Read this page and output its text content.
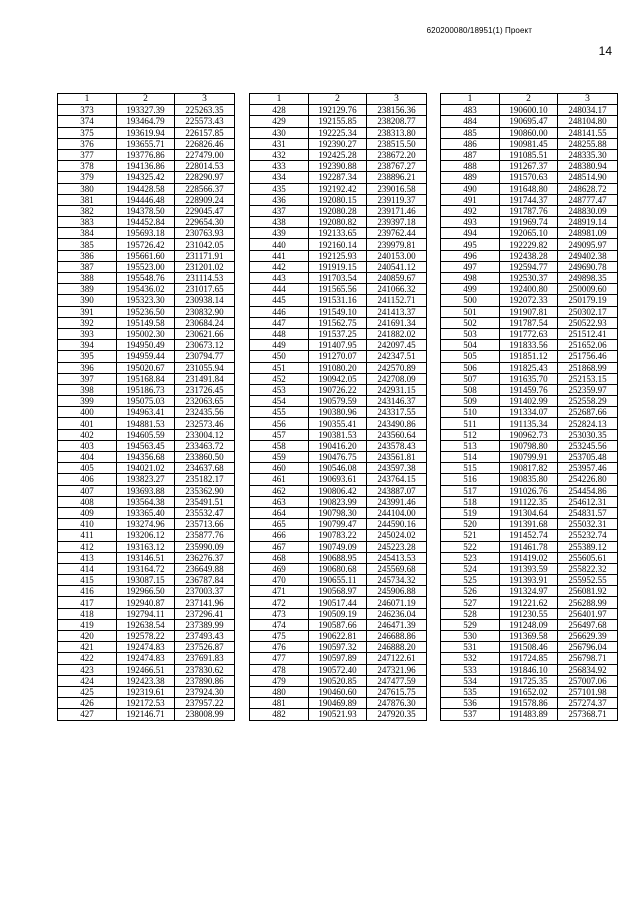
620200080/18951(1) Проект
14
1	2	3
373	193327.39	225263.35
374	193464.79	225573.43
375	193619.94	226157.85
376	193655.71	226826.46
377	193776.86	227479.00
378	194136.86	228014.53
379	194325.42	228290.97
380	194428.58	228566.37
381	194446.48	228909.24
382	194378.50	229045.47
383	194452.84	229654.30
384	195693.18	230763.93
385	195726.42	231042.05
386	195661.60	231171.91
387	195523.00	231201.02
388	195548.76	231114.53
389	195436.02	231017.65
390	195323.30	230938.14
391	195236.50	230832.90
392	195149.58	230684.24
393	195002.30	230621.66
394	194950.49	230673.12
395	194959.44	230794.77
396	195020.67	231055.94
397	195168.84	231491.84
398	195186.73	231726.45
399	195075.03	232063.65
400	194963.41	232435.56
401	194881.53	232573.46
402	194605.59	233004.12
403	194563.45	233463.72
404	194356.68	233860.50
405	194021.02	234637.68
406	193823.27	235182.17
407	193693.88	235362.90
408	193564.38	235491.51
409	193365.40	235532.47
410	193274.96	235713.66
411	193206.12	235877.76
412	193163.12	235990.09
413	193146.51	236276.37
414	193164.72	236649.88
415	193087.15	236787.84
416	192966.50	237003.37
417	192940.87	237141.96
418	192794.11	237296.41
419	192638.54	237389.99
420	192578.22	237493.43
421	192474.83	237526.87
422	192474.83	237691.83
423	192466.51	237830.62
424	192423.38	237890.86
425	192319.61	237924.30
426	192172.53	237957.22
427	192146.71	238008.99
1	2	3
428	192129.76	238156.36
429	192155.85	238208.77
430	192225.34	238313.80
431	192390.27	238515.50
432	192425.28	238672.20
433	192390.88	238767.27
434	192287.34	238896.21
435	192192.42	239016.58
436	192080.15	239119.37
437	192080.28	239171.46
438	192080.82	239397.18
439	192133.65	239762.44
440	192160.14	239979.81
441	192125.93	240153.00
442	191919.15	240541.12
443	191703.54	240859.67
444	191565.56	241066.32
445	191531.16	241152.71
446	191549.10	241413.37
447	191562.75	241691.34
448	191537.25	241882.02
449	191407.95	242097.45
450	191270.07	242347.51
451	191080.20	242570.89
452	190942.05	242708.09
453	190726.22	242931.15
454	190579.59	243146.37
455	190380.96	243317.55
456	190355.41	243490.86
457	190381.53	243560.64
458	190416.20	243578.43
459	190476.75	243561.81
460	190546.08	243597.38
461	190693.61	243764.15
462	190806.42	243887.07
463	190823.99	243991.46
464	190798.30	244104.00
465	190799.47	244590.16
466	190783.22	245024.02
467	190749.09	245223.28
468	190688.95	245413.53
469	190680.68	245569.68
470	190655.11	245734.32
471	190568.97	245906.88
472	190517.44	246071.19
473	190509.19	246236.04
474	190587.66	246471.39
475	190622.81	246688.86
476	190597.32	246888.20
477	190597.89	247122.61
478	190572.40	247321.96
479	190520.85	247477.59
480	190460.60	247615.75
481	190469.89	247876.30
482	190521.93	247920.35
1	2	3
483	190600.10	248034.17
484	190695.47	248104.80
485	190860.00	248141.55
486	190981.45	248255.88
487	191085.51	248335.30
488	191267.37	248380.94
489	191570.63	248514.90
490	191648.80	248628.72
491	191744.37	248777.47
492	191787.76	248830.09
493	191969.74	248919.14
494	192065.10	248981.09
495	192229.82	249095.97
496	192438.28	249402.38
497	192594.77	249690.78
498	192530.37	249898.35
499	192400.80	250009.60
500	192072.33	250179.19
501	191907.81	250302.17
502	191787.54	250522.93
503	191772.63	251512.41
504	191833.56	251652.06
505	191851.12	251756.46
506	191825.43	251868.99
507	191635.70	252153.15
508	191459.76	252359.97
509	191402.99	252558.29
510	191334.07	252687.66
511	191135.34	252824.13
512	190962.73	253030.35
513	190798.80	253245.56
514	190799.91	253705.48
515	190817.82	253957.46
516	190835.80	254226.80
517	191026.76	254454.86
518	191122.35	254612.31
519	191304.64	254831.57
520	191391.68	255032.31
521	191452.74	255232.74
522	191461.78	255389.12
523	191419.02	255605.61
524	191393.59	255822.32
525	191393.91	255952.55
526	191324.97	256081.92
527	191221.62	256288.99
528	191230.55	256401.97
529	191248.09	256497.68
530	191369.58	256629.39
531	191508.46	256796.04
532	191724.85	256798.71
533	191846.10	256834.92
534	191725.35	257007.06
535	191652.02	257101.98
536	191578.86	257274.37
537	191483.89	257368.71
